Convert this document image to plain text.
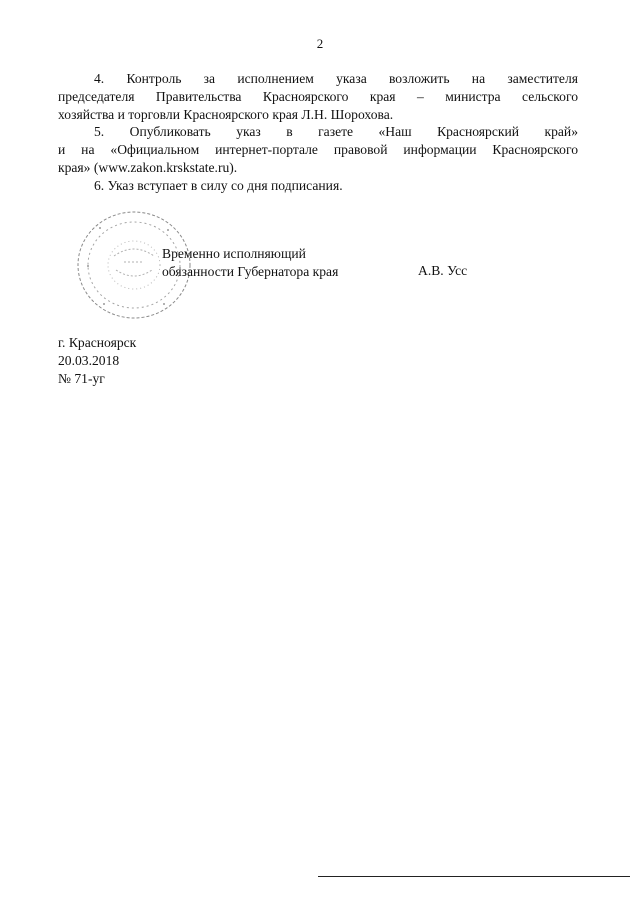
2

4. Контроль за исполнением указа возложить на заместителя
председателя Правительства Красноярского края – министра сельского
хозяйства и торговли Красноярского края Л.Н. Шорохова.

5. Опубликовать указ в газете «Наш Красноярский край»
и на «Официальном интернет-портале правовой информации Красноярского
края» (www.zakon.krskstate.ru).

6. Указ вступает в силу со дня подписания.

Временно исполняющий
обязанности Губернатора края	А.В. Усс
г. Красноярск
20.03.2018
№ 71-уг
